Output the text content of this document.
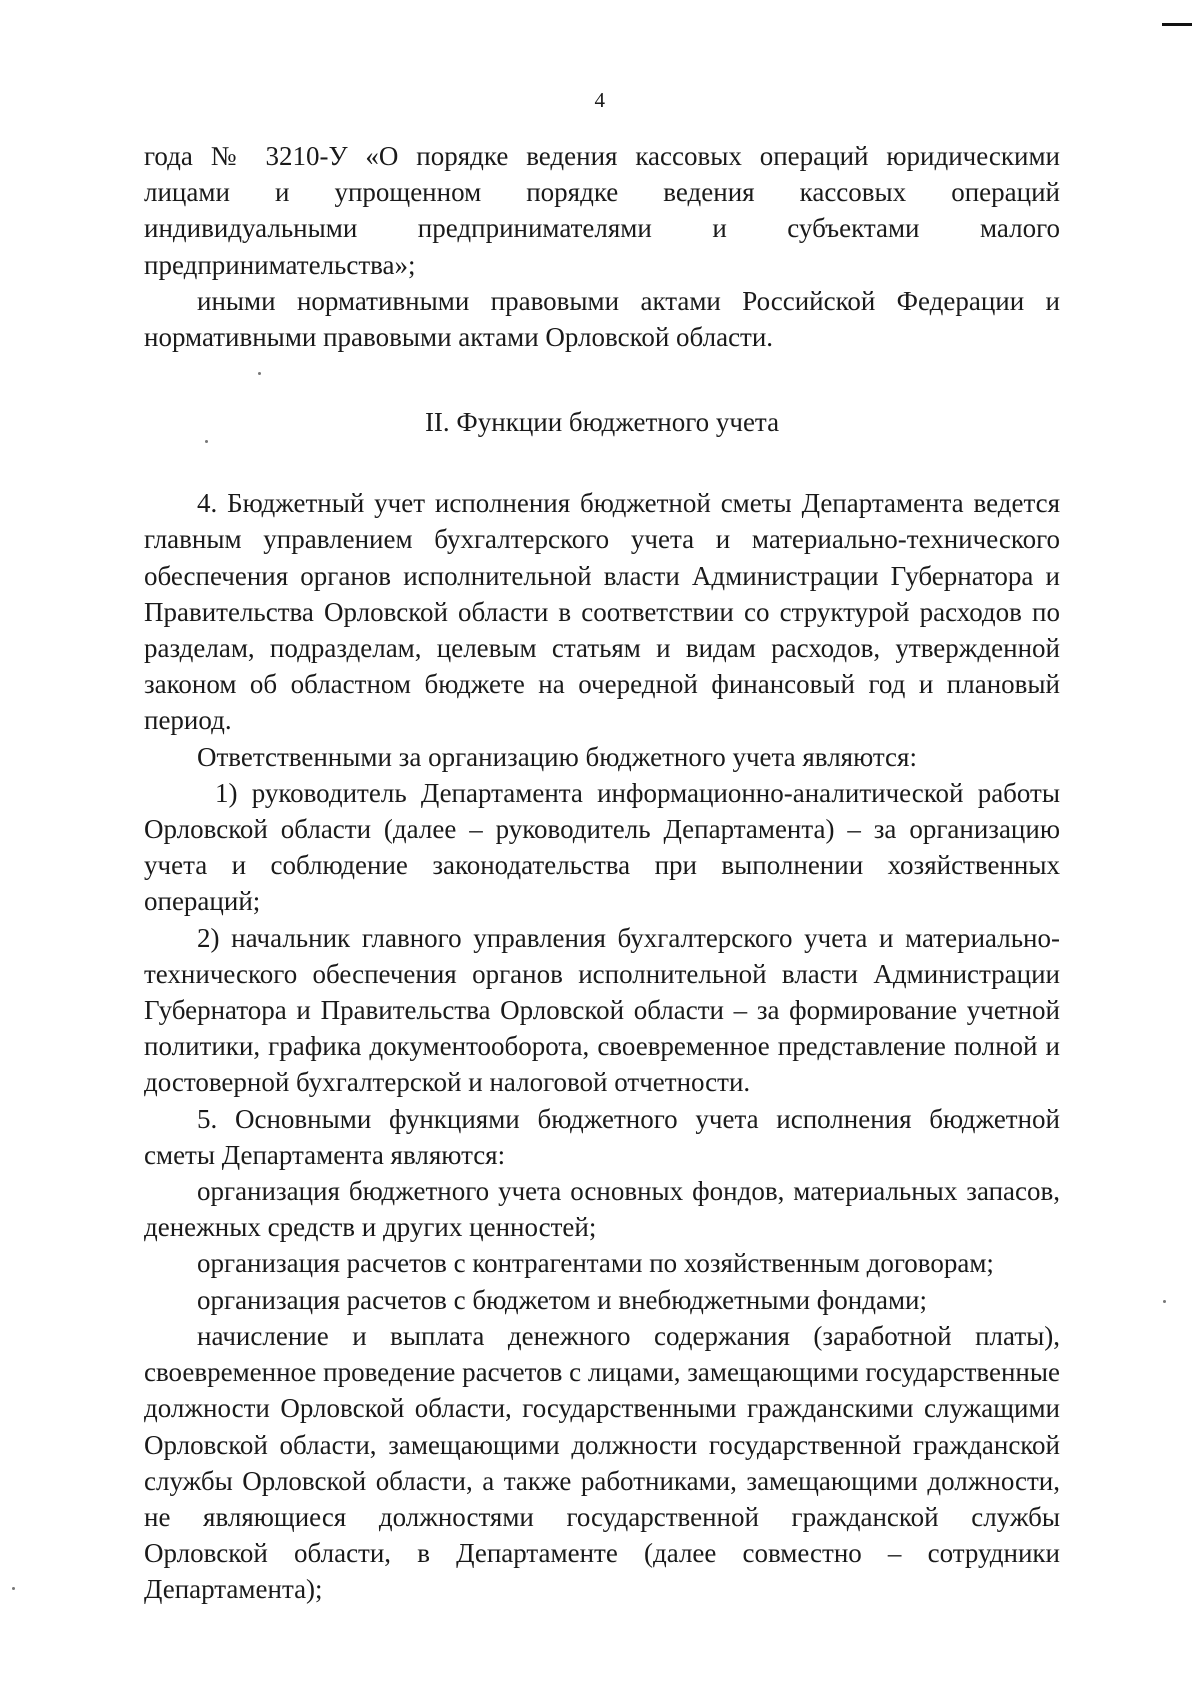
4

года № 3210-У «О порядке ведения кассовых операций юридическими

лицами и упрощенном порядке ведения кассовых операций

индивидуальными предпринимателями и субъектами малого

предпринимательства»;

иными нормативными правовыми актами Российской Федерации и нормативными правовыми актами Орловской области.

II. Функции бюджетного учета

4. Бюджетный учет исполнения бюджетной сметы Департамента ведется главным управлением бухгалтерского учета и материально-технического обеспечения органов исполнительной власти Администрации Губернатора и Правительства Орловской области в соответствии со структурой расходов по разделам, подразделам, целевым статьям и видам расходов, утвержденной законом об областном бюджете на очередной финансовый год и плановый период.

Ответственными за организацию бюджетного учета являются:

1) руководитель Департамента информационно-аналитической работы Орловской области (далее – руководитель Департамента) – за организацию учета и соблюдение законодательства при выполнении хозяйственных операций;

2) начальник главного управления бухгалтерского учета и материально-технического обеспечения органов исполнительной власти Администрации Губернатора и Правительства Орловской области – за формирование учетной политики, графика документооборота, своевременное представление полной и достоверной бухгалтерской и налоговой отчетности.

5. Основными функциями бюджетного учета исполнения бюджетной сметы Департамента являются:

организация бюджетного учета основных фондов, материальных запасов, денежных средств и других ценностей;

организация расчетов с контрагентами по хозяйственным договорам;

организация расчетов с бюджетом и внебюджетными фондами;

начисление и выплата денежного содержания (заработной платы), своевременное проведение расчетов с лицами, замещающими государственные должности Орловской области, государственными гражданскими служащими Орловской области, замещающими должности государственной гражданской службы Орловской области, а также работниками, замещающими должности, не являющиеся должностями государственной гражданской службы Орловской области, в Департаменте (далее совместно – сотрудники Департамента);
